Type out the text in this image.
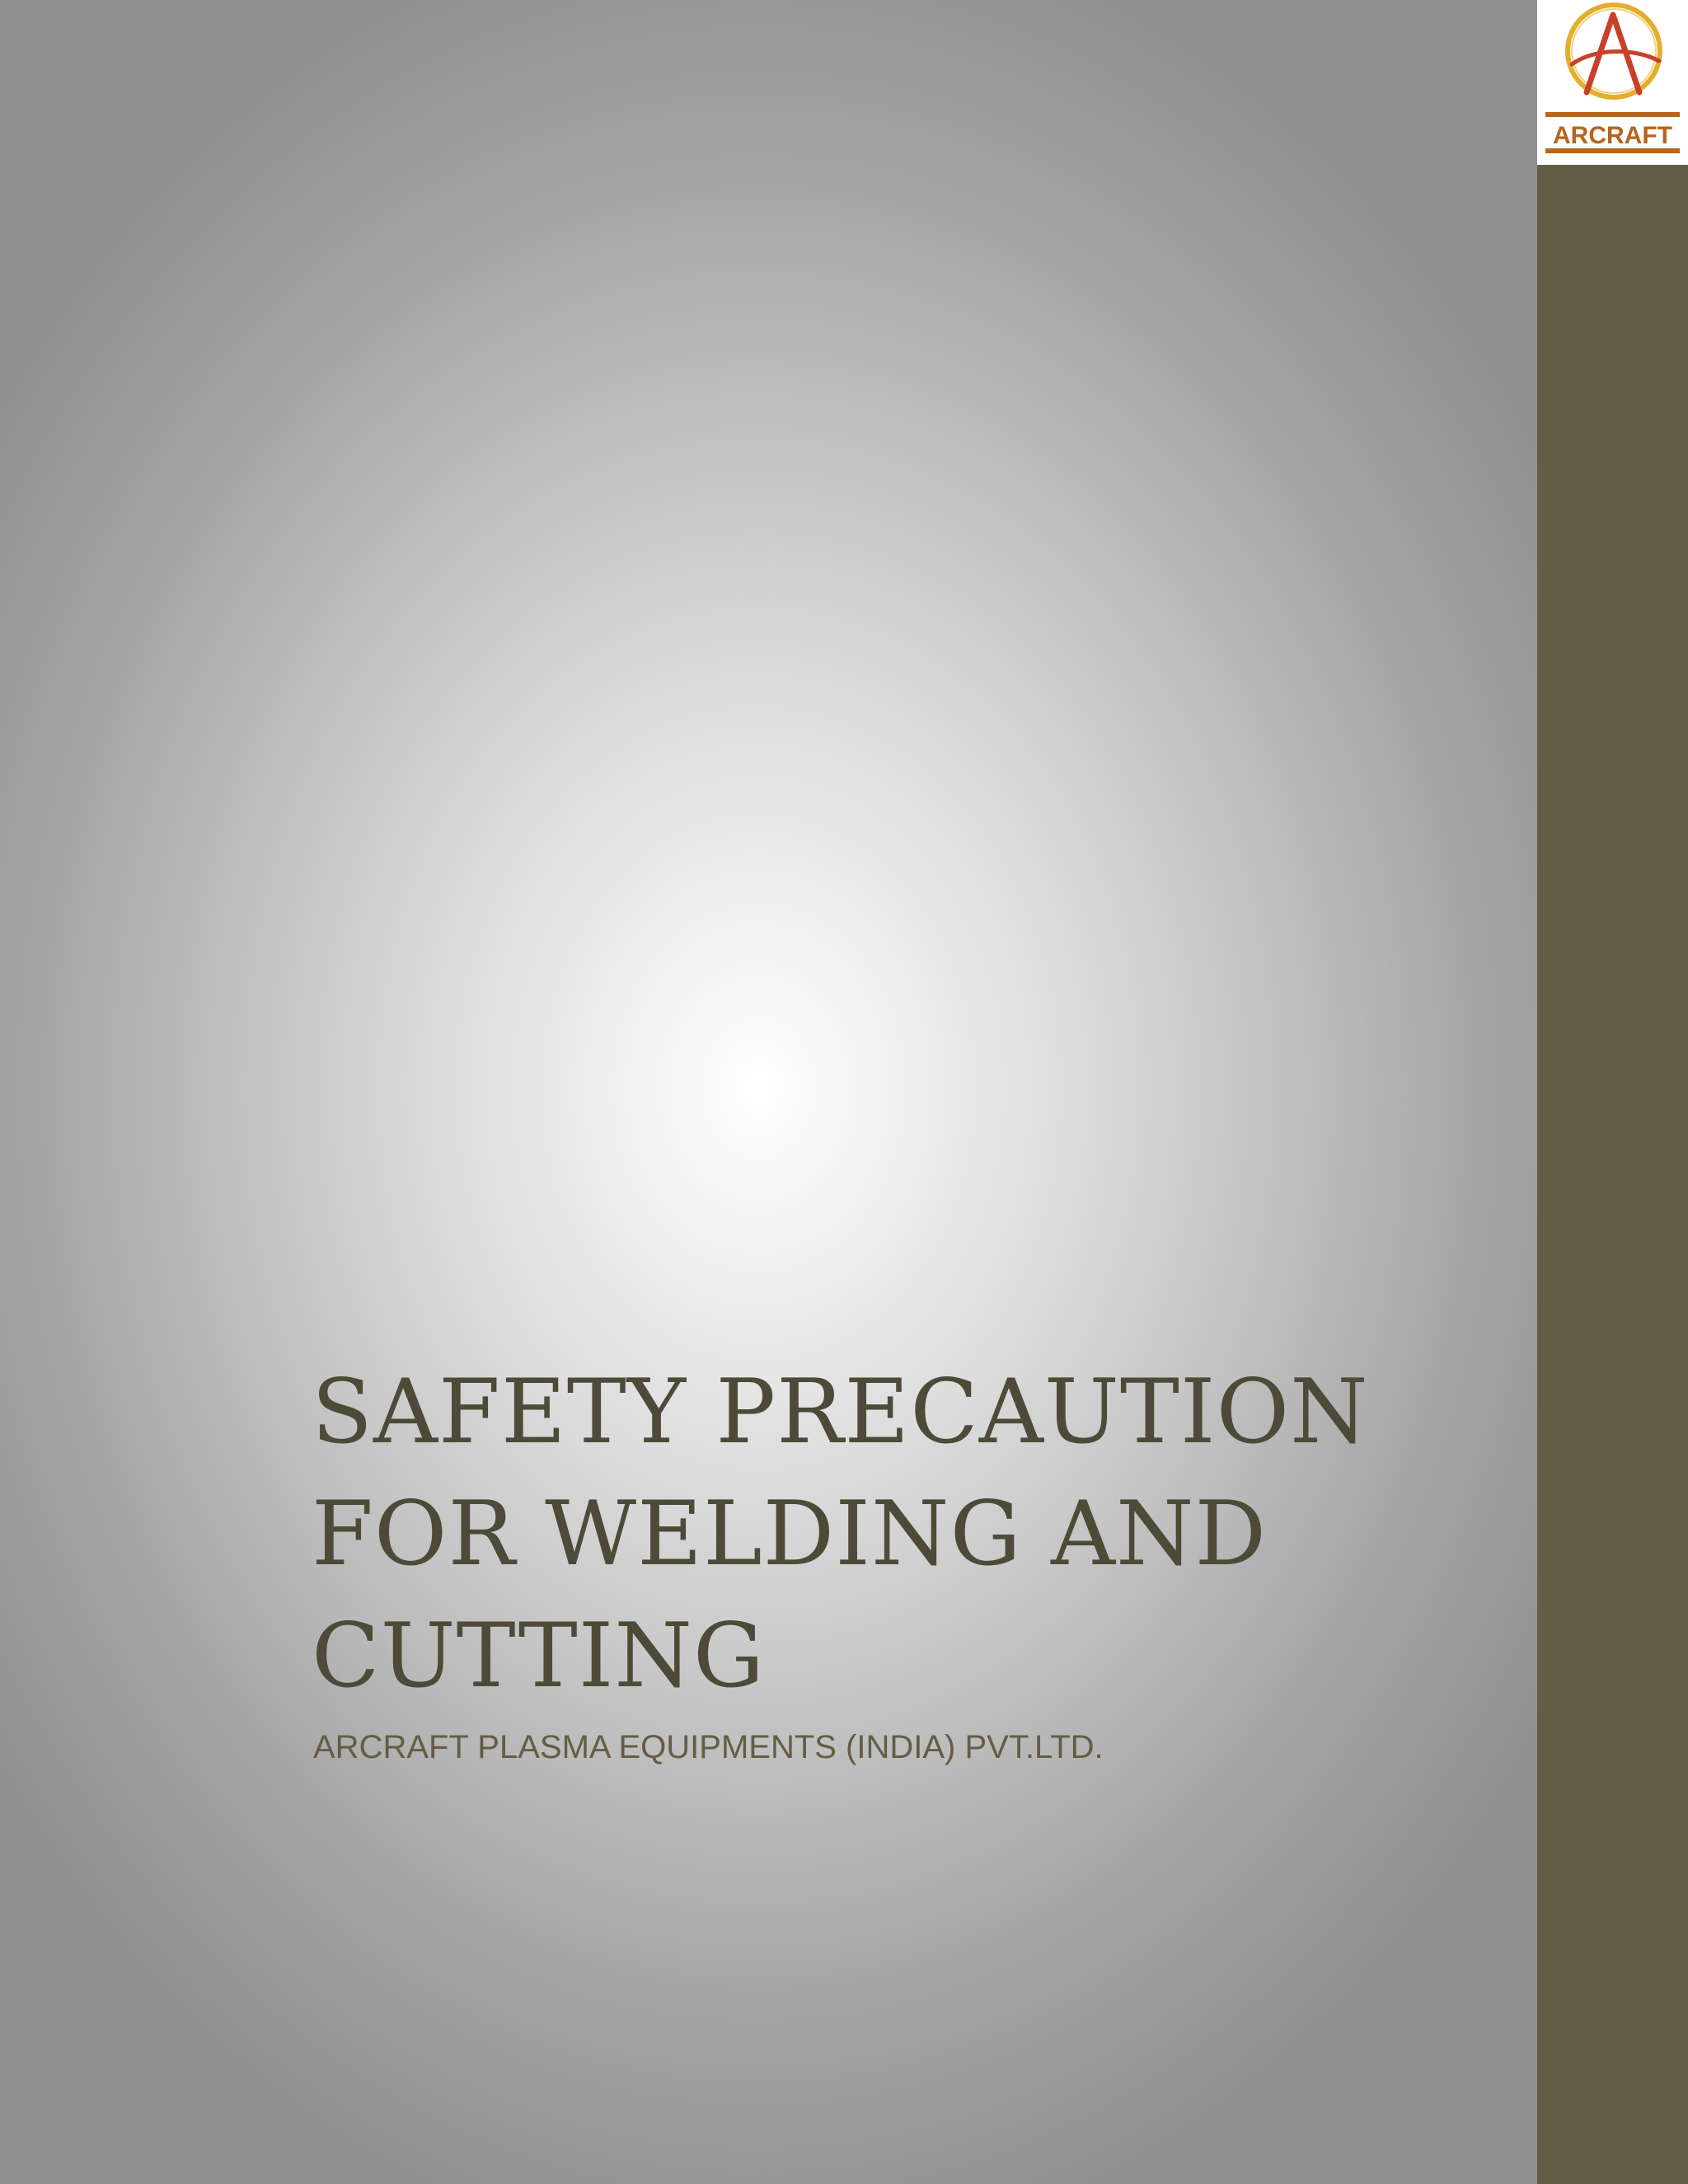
ARCRAFT
SAFETY PRECAUTION
FOR WELDING AND
CUTTING
ARCRAFT PLASMA EQUIPMENTS (INDIA) PVT.LTD.
